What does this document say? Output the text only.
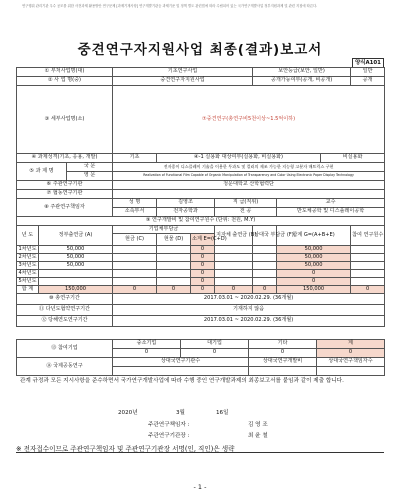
연구행위 관리기관 우수 공모를 위한 사전과제 활용방안 연구문제 [과제기재사항] 연구개발기관등 과제기준 및 정책 별도 관련법에 따라 수립되어 있는 국가연구개발사업 정부지원과제 및 관련 지침에 따른다.
중견연구자지원사업 최종(결과)보고서
양식A101
① 부처사업명(대)			기초연구사업				보안등급(보안, 일반)			일반
② 사 업 명(중)			중견연구자지원사업				공개가능여부(공개, 비공개)			공개
③ 세부사업명(소)			⑦중견연구(총연구비5천이상~1.5억이하)							
④ 과제성격(기초, 응용, 개발)			기초	④-1 실용화 대상여부(실용화, 비실용화)					비실용화	
⑤ 과 제 명		국 문	전자종이 디스플레이 기술을 이용한 투과도 및 컬러의 제조 가능한 지능형 고분자 매트릭스 구현							
		영 문	Realization of Functional Film Capable of Organic Manipulation of Transparency and Color Using Electronic Paper Display Technology							
⑥ 주관연구기관			청운대학교 산학협력단							
⑦ 협동연구기관										
⑧ 주관연구책임자			성 명	김영조		직 급(직위)		교수		
			소속부서	전자공학과		전 공		반도체공학 및 디스플레이공학		
⑨ 연구개발비 및 참여연구원수 (단위: 천원, M.Y)										
년 도	정부출연금 (A)		기업체부담금			지자체 출연금 (B)	상대국 부담금 (F)	합계 G=(A+B+E)		참여 연구원수
			현금 (C)	현물 (D)	소계 E=(C+D)					
1차년도	50,000				0			50,000		
2차년도	50,000				0			50,000		
3차년도	50,000				0			50,000		
4차년도					0			0		
5차년도					0			0		
합 계	150,000		0	0	0	0	0	150,000		0
⑩ 총연구기간			2017.03.01 ~ 2020.02.29. (36개월)							
⑪ 다년도협약연구기간			기재하지 않음							
⑫ 당해연도연구기간			2017.03.01 ~ 2020.02.29. (36개월)							
⑬ 참여기업	중소기업	대기업	기타	계
	0	0	0	0
⑭ 국제공동연구	상대국연구기관수		상대국연구개발비	상대국연구책임자수

관계 규정과 모든 지시사항을 준수하면서 국가연구개발사업에 따라 수행 중인 연구개발과제의 최종보고서를 붙임과 같이 제출 합니다.
2020년	3월	16일
주관연구책임자 :	김 영 조
주관연구기관장 :	최 윤 철
※ 전자접수이므로 주관연구책임자 및 주관연구기관장 서명(인, 직인)은 생략
- 1 -
